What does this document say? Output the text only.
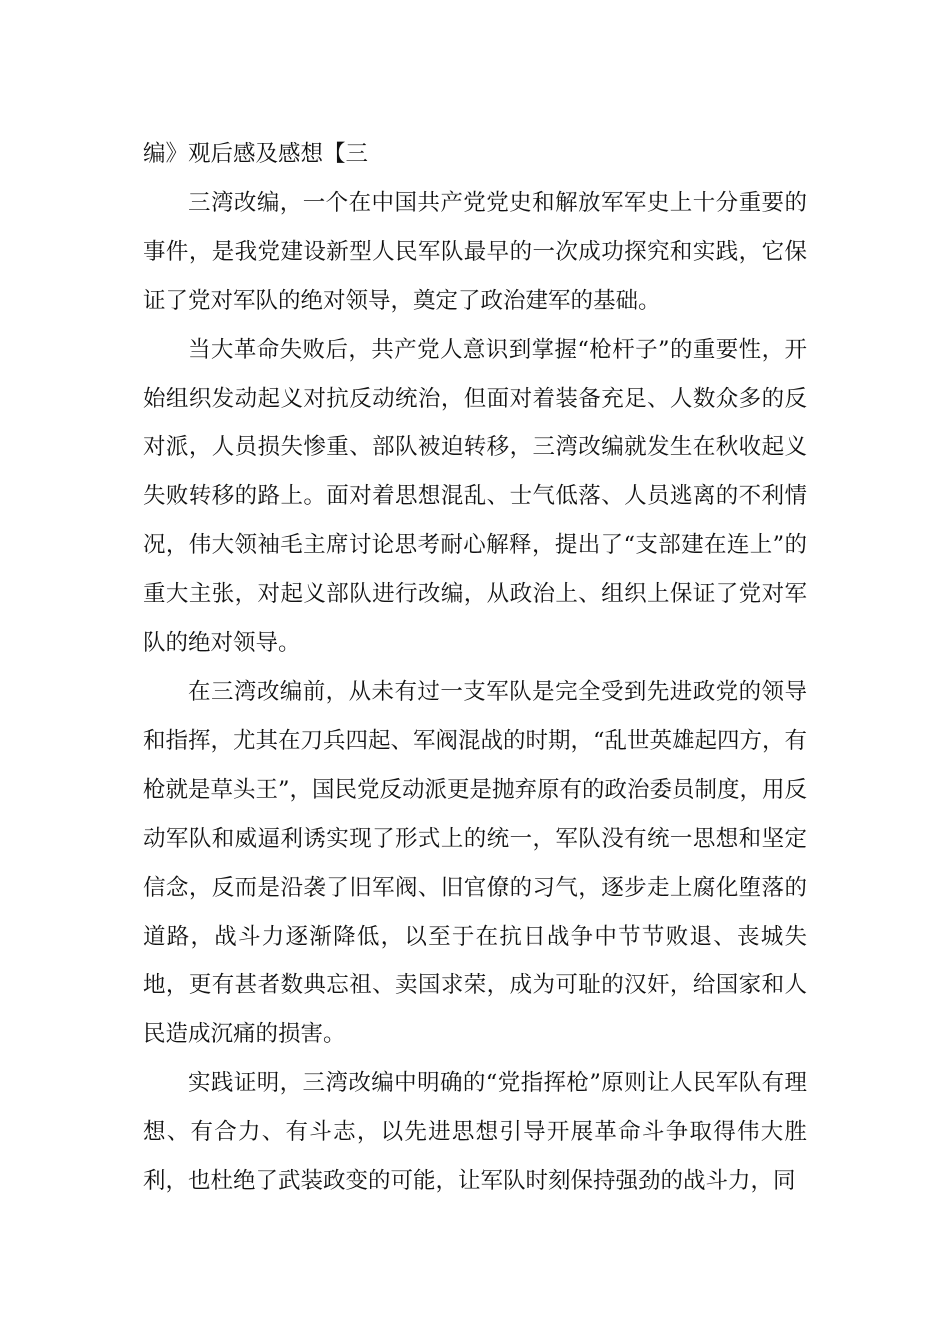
编》观后感及感想【三

三湾改编，一个在中国共产党党史和解放军军史上十分重要的事件，是我党建设新型人民军队最早的一次成功探究和实践，它保证了党对军队的绝对领导，奠定了政治建军的基础。

当大革命失败后，共产党人意识到掌握“枪杆子”的重要性，开始组织发动起义对抗反动统治，但面对着装备充足、人数众多的反对派，人员损失惨重、部队被迫转移，三湾改编就发生在秋收起义失败转移的路上。面对着思想混乱、士气低落、人员逃离的不利情况，伟大领袖毛主席讨论思考耐心解释，提出了“支部建在连上”的重大主张，对起义部队进行改编，从政治上、组织上保证了党对军队的绝对领导。

在三湾改编前，从未有过一支军队是完全受到先进政党的领导和指挥，尤其在刀兵四起、军阀混战的时期，“乱世英雄起四方，有枪就是草头王”，国民党反动派更是抛弃原有的政治委员制度，用反动军队和威逼利诱实现了形式上的统一，军队没有统一思想和坚定信念，反而是沿袭了旧军阀、旧官僚的习气，逐步走上腐化堕落的道路，战斗力逐渐降低，以至于在抗日战争中节节败退、丧城失地，更有甚者数典忘祖、卖国求荣，成为可耻的汉奸，给国家和人民造成沉痛的损害。

实践证明，三湾改编中明确的“党指挥枪”原则让人民军队有理想、有合力、有斗志，以先进思想引导开展革命斗争取得伟大胜利，也杜绝了武装政变的可能，让军队时刻保持强劲的战斗力，同
